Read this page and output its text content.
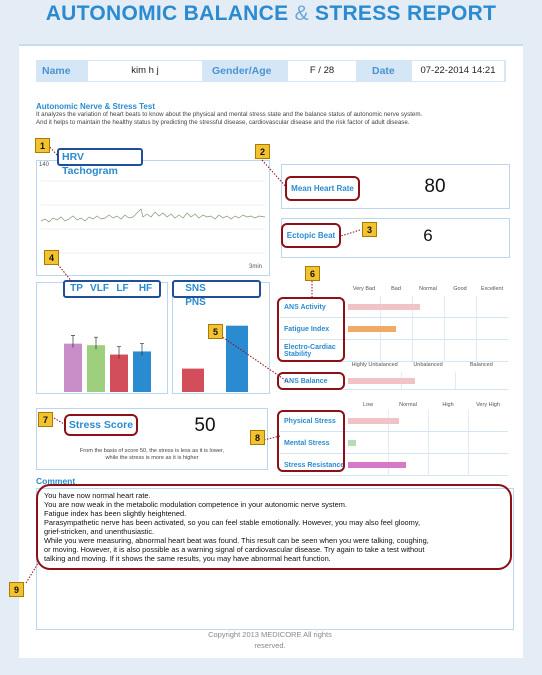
AUTONOMIC BALANCE & STRESS REPORT
Name	kim h j	Gender/Age	F / 28	Date	07-22-2014 14:21
Autonomic Nerve & Stress Test
It analyzes the variation of heart beats to know about the physical and mental stress state and the balance status of autonomic nerve system.
And it helps to maintain the healthy status by predicting the stressful disease, cardiovascular disease and the risk factor of adult disease.
140
3min
HRV Tachogram
Mean Heart Rate	80
Ectopic Beat	6
TP VLF LF HF	SNSPNS
Very Bad	Bad	Normal	Good	Excellent
ANS Activity
Fatigue Index
Electro-Cardiac Stability
Highly Unbalanced	Unbalanced	Balanced
ANS Balance
Stress Score	50
From the basis of score 50, the stress is less as it is lower,
while the stress is more as it is higher
Low	Normal	High	Very High
Physical Stress
Mental Stress
Stress Resistance
Comment
You have now normal heart rate.
You are now weak in the metabolic modulation competence in your autonomic nerve system.
Fatigue index has been slightly heightened.
Parasympathetic nerve has been activated, so you can feel stable emotionally. However, you may also feel gloomy,
grief-stricken, and unenthusiastic.
While you were measuring, abnormal heart beat was found. This result can be seen when you were talking, coughing,
or moving. However, it is also possible as a warning signal of cardiovascular disease. Try again to take a test without
talking and moving. If it shows the same results, you may have abnormal heart function.
Copyright 2013 MEDICORE All rights
reserved.
1
2
3
4
5
6
7
8
9
